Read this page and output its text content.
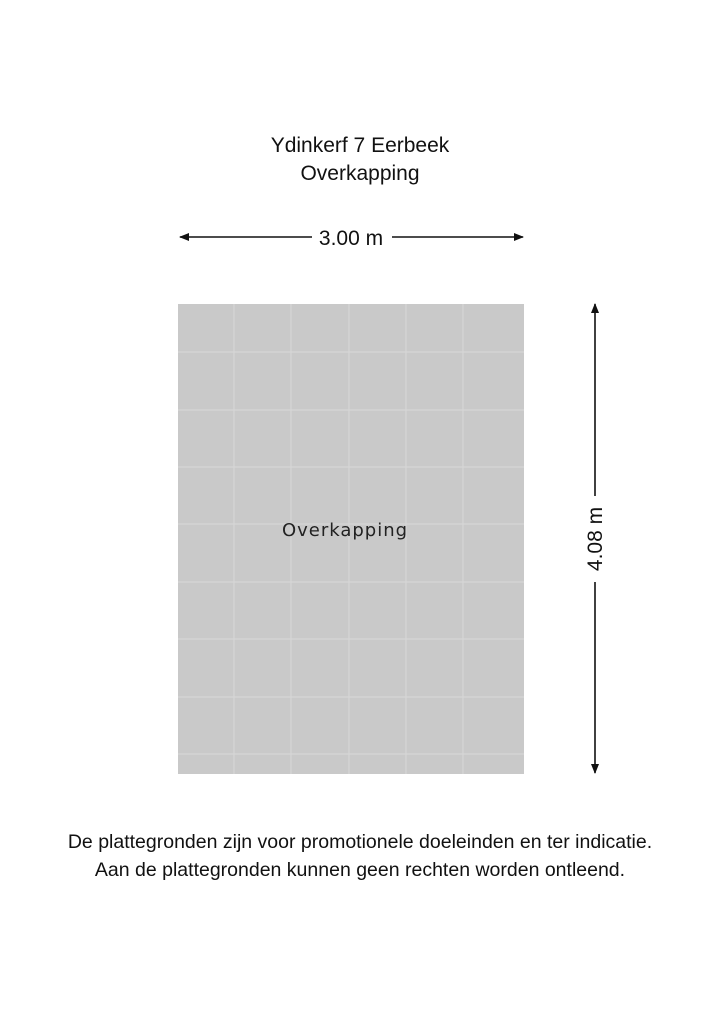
Ydinkerf 7 Eerbeek
Overkapping
Overkapping
3.00 m
4.08 m
De plattegronden zijn voor promotionele doeleinden en ter indicatie.
Aan de plattegronden kunnen geen rechten worden ontleend.
